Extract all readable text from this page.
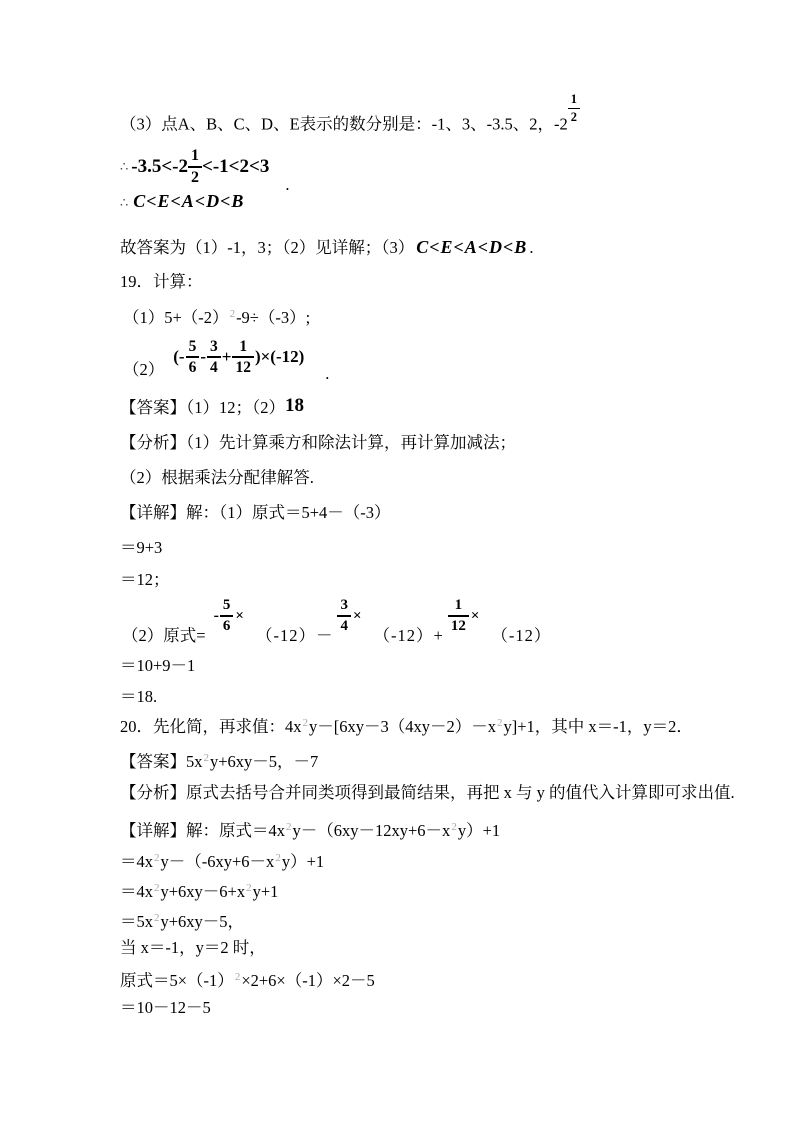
（3）点A、B、C、D、E表示的数分别是：-1、3、-3.5、2，-2
$\frac{1}{2}$
∴ $-3.5<-2 \frac{1}{2} <-1<2<3$
.
∴ C<E<A<D<B
故答案为（1）-1，3；（2）见详解；（3） C<E<A<D<B .
19．计算：
$(1)5+(-2)^2-9\div(-3)$;
（2）
(- $\frac{5}{6} - \frac{3}{4} + \frac{1}{12} )\times(-12)$
.
【答案】（1）12；（2）18
【分析】（1）先计算乘方和除法计算，再计算加减法；
（2）根据乘法分配律解答.
【详解】解：（1）原式＝5+4－（-3）
＝9+3
＝12；
（2）原式=
- $\frac{5}{6}$ ×
（-12）－
$\frac{3}{4}$ ×
（-12）+
$\frac{1}{12}$ ×
（-12）
＝10+9－1
＝18.
20．先化简，再求值：$4x^2y-[6xy-3(4xy-2)-x^2y]+1$，其中 x＝-1，y＝2．
【答案】$5x^2y+6xy-5$，－7
【分析】原式去括号合并同类项得到最简结果，再把 x 与 y 的值代入计算即可求出值.
【详解】解：原式$=4x^2y-(6xy-12xy+6-x^2y)+1$
$=4x^2y-(-6xy+6-x^2y)+1$
$=4x^2y+6xy-6+x^2y+1$
$=5x^2y+6xy-5$，
当 x＝-1，y＝2 时，
原式$=5\times(-1)^2\times 2+6\times(-1)\times 2-5$
＝10－12－5
